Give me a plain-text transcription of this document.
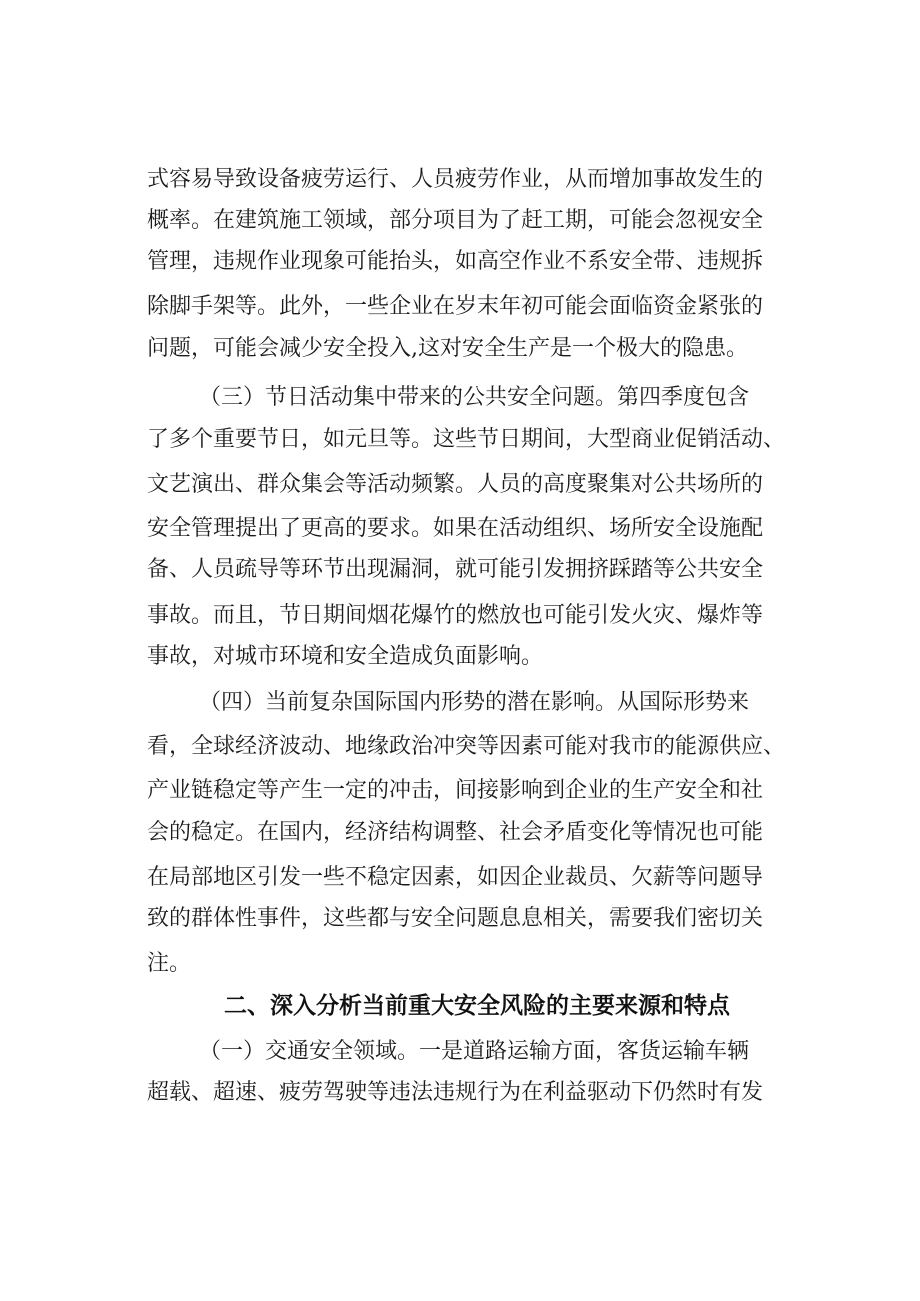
式容易导致设备疲劳运行、人员疲劳作业，从而增加事故发生的
概率。在建筑施工领域，部分项目为了赶工期，可能会忽视安全
管理，违规作业现象可能抬头，如高空作业不系安全带、违规拆
除脚手架等。此外，一些企业在岁末年初可能会面临资金紧张的
问题，可能会减少安全投入,这对安全生产是一个极大的隐患。
（三）节日活动集中带来的公共安全问题。第四季度包含
了多个重要节日，如元旦等。这些节日期间，大型商业促销活动、
文艺演出、群众集会等活动频繁。人员的高度聚集对公共场所的
安全管理提出了更高的要求。如果在活动组织、场所安全设施配
备、人员疏导等环节出现漏洞，就可能引发拥挤踩踏等公共安全
事故。而且，节日期间烟花爆竹的燃放也可能引发火灾、爆炸等
事故，对城市环境和安全造成负面影响。
（四）当前复杂国际国内形势的潜在影响。从国际形势来
看，全球经济波动、地缘政治冲突等因素可能对我市的能源供应、
产业链稳定等产生一定的冲击，间接影响到企业的生产安全和社
会的稳定。在国内，经济结构调整、社会矛盾变化等情况也可能
在局部地区引发一些不稳定因素，如因企业裁员、欠薪等问题导
致的群体性事件，这些都与安全问题息息相关，需要我们密切关
注。
二、深入分析当前重大安全风险的主要来源和特点
（一）交通安全领域。一是道路运输方面，客货运输车辆
超载、超速、疲劳驾驶等违法违规行为在利益驱动下仍然时有发
